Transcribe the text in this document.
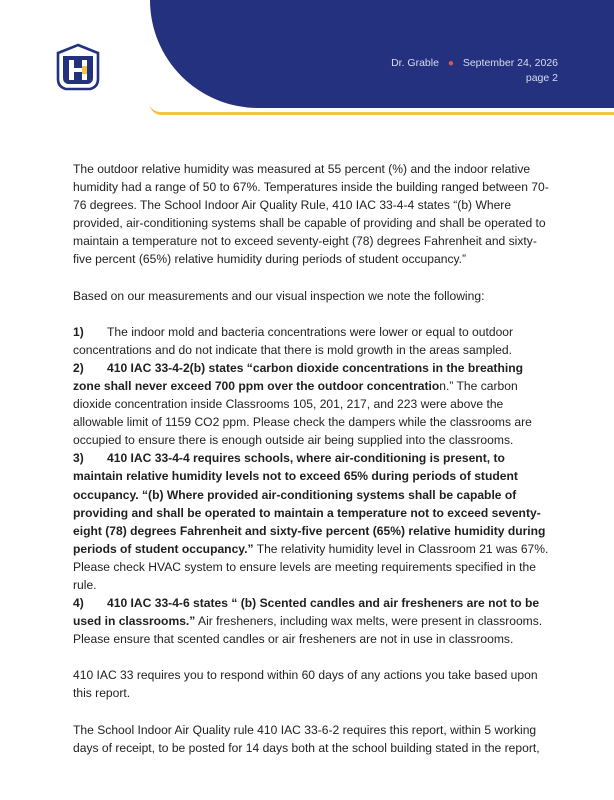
Dr. Grable ● September 24, 2026
page 2

The outdoor relative humidity was measured at 55 percent (%) and the indoor relative humidity had a range of 50 to 67%. Temperatures inside the building ranged between 70-76 degrees. The School Indoor Air Quality Rule, 410 IAC 33-4-4 states “(b) Where provided, air-conditioning systems shall be capable of providing and shall be operated to maintain a temperature not to exceed seventy-eight (78) degrees Fahrenheit and sixty-five percent (65%) relative humidity during periods of student occupancy.”

Based on our measurements and our visual inspection we note the following:

1) The indoor mold and bacteria concentrations were lower or equal to outdoor concentrations and do not indicate that there is mold growth in the areas sampled.

2) 410 IAC 33-4-2(b) states “carbon dioxide concentrations in the breathing zone shall never exceed 700 ppm over the outdoor concentration.” The carbon dioxide concentration inside Classrooms 105, 201, 217, and 223 were above the allowable limit of 1159 CO2 ppm. Please check the dampers while the classrooms are occupied to ensure there is enough outside air being supplied into the classrooms.

3) 410 IAC 33-4-4 requires schools, where air-conditioning is present, to maintain relative humidity levels not to exceed 65% during periods of student occupancy. “(b) Where provided air-conditioning systems shall be capable of providing and shall be operated to maintain a temperature not to exceed seventy-eight (78) degrees Fahrenheit and sixty-five percent (65%) relative humidity during periods of student occupancy.” The relativity humidity level in Classroom 21 was 67%. Please check HVAC system to ensure levels are meeting requirements specified in the rule.

4) 410 IAC 33-4-6 states “ (b) Scented candles and air fresheners are not to be used in classrooms.” Air fresheners, including wax melts, were present in classrooms. Please ensure that scented candles or air fresheners are not in use in classrooms.

410 IAC 33 requires you to respond within 60 days of any actions you take based upon this report.

The School Indoor Air Quality rule 410 IAC 33-6-2 requires this report, within 5 working days of receipt, to be posted for 14 days both at the school building stated in the report,
